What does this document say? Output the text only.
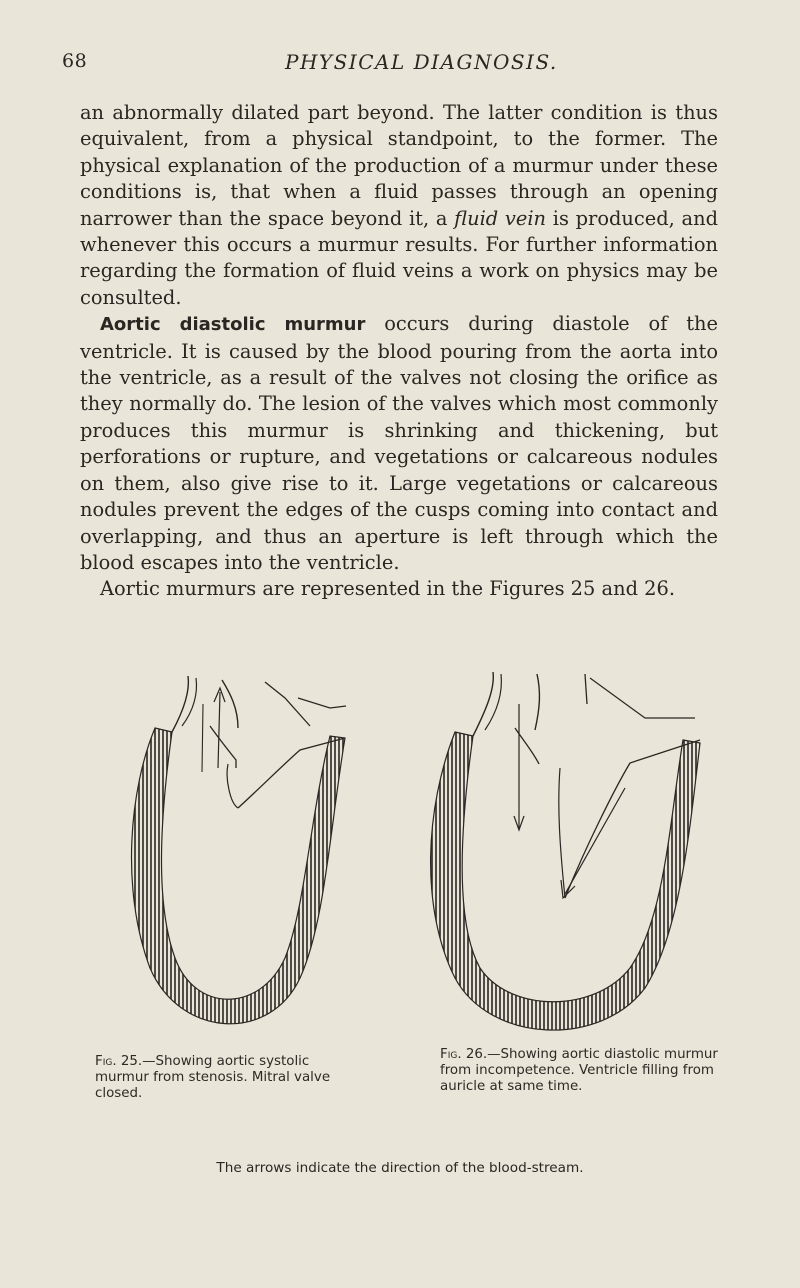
68	PHYSICAL DIAGNOSIS.

an abnormally dilated part beyond. The latter condition is thus equivalent, from a physical standpoint, to the former. The physical explanation of the production of a murmur under these conditions is, that when a fluid passes through an opening narrower than the space beyond it, a fluid vein is produced, and whenever this occurs a murmur results. For further information regarding the formation of fluid veins a work on physics may be consulted.

Aortic diastolic murmur occurs during diastole of the ventricle. It is caused by the blood pouring from the aorta into the ventricle, as a result of the valves not closing the orifice as they normally do. The lesion of the valves which most commonly produces this murmur is shrinking and thickening, but perforations or rupture, and vegetations or calcareous nodules on them, also give rise to it. Large vegetations or calcareous nodules prevent the edges of the cusps coming into contact and overlapping, and thus an aperture is left through which the blood escapes into the ventricle.

Aortic murmurs are represented in the Figures 25 and 26.

Fig. 25.—Showing aortic systolic murmur from stenosis. Mitral valve closed.
Fig. 26.—Showing aortic diastolic murmur from incompetence. Ventricle filling from auricle at same time.
The arrows indicate the direction of the blood-stream.
